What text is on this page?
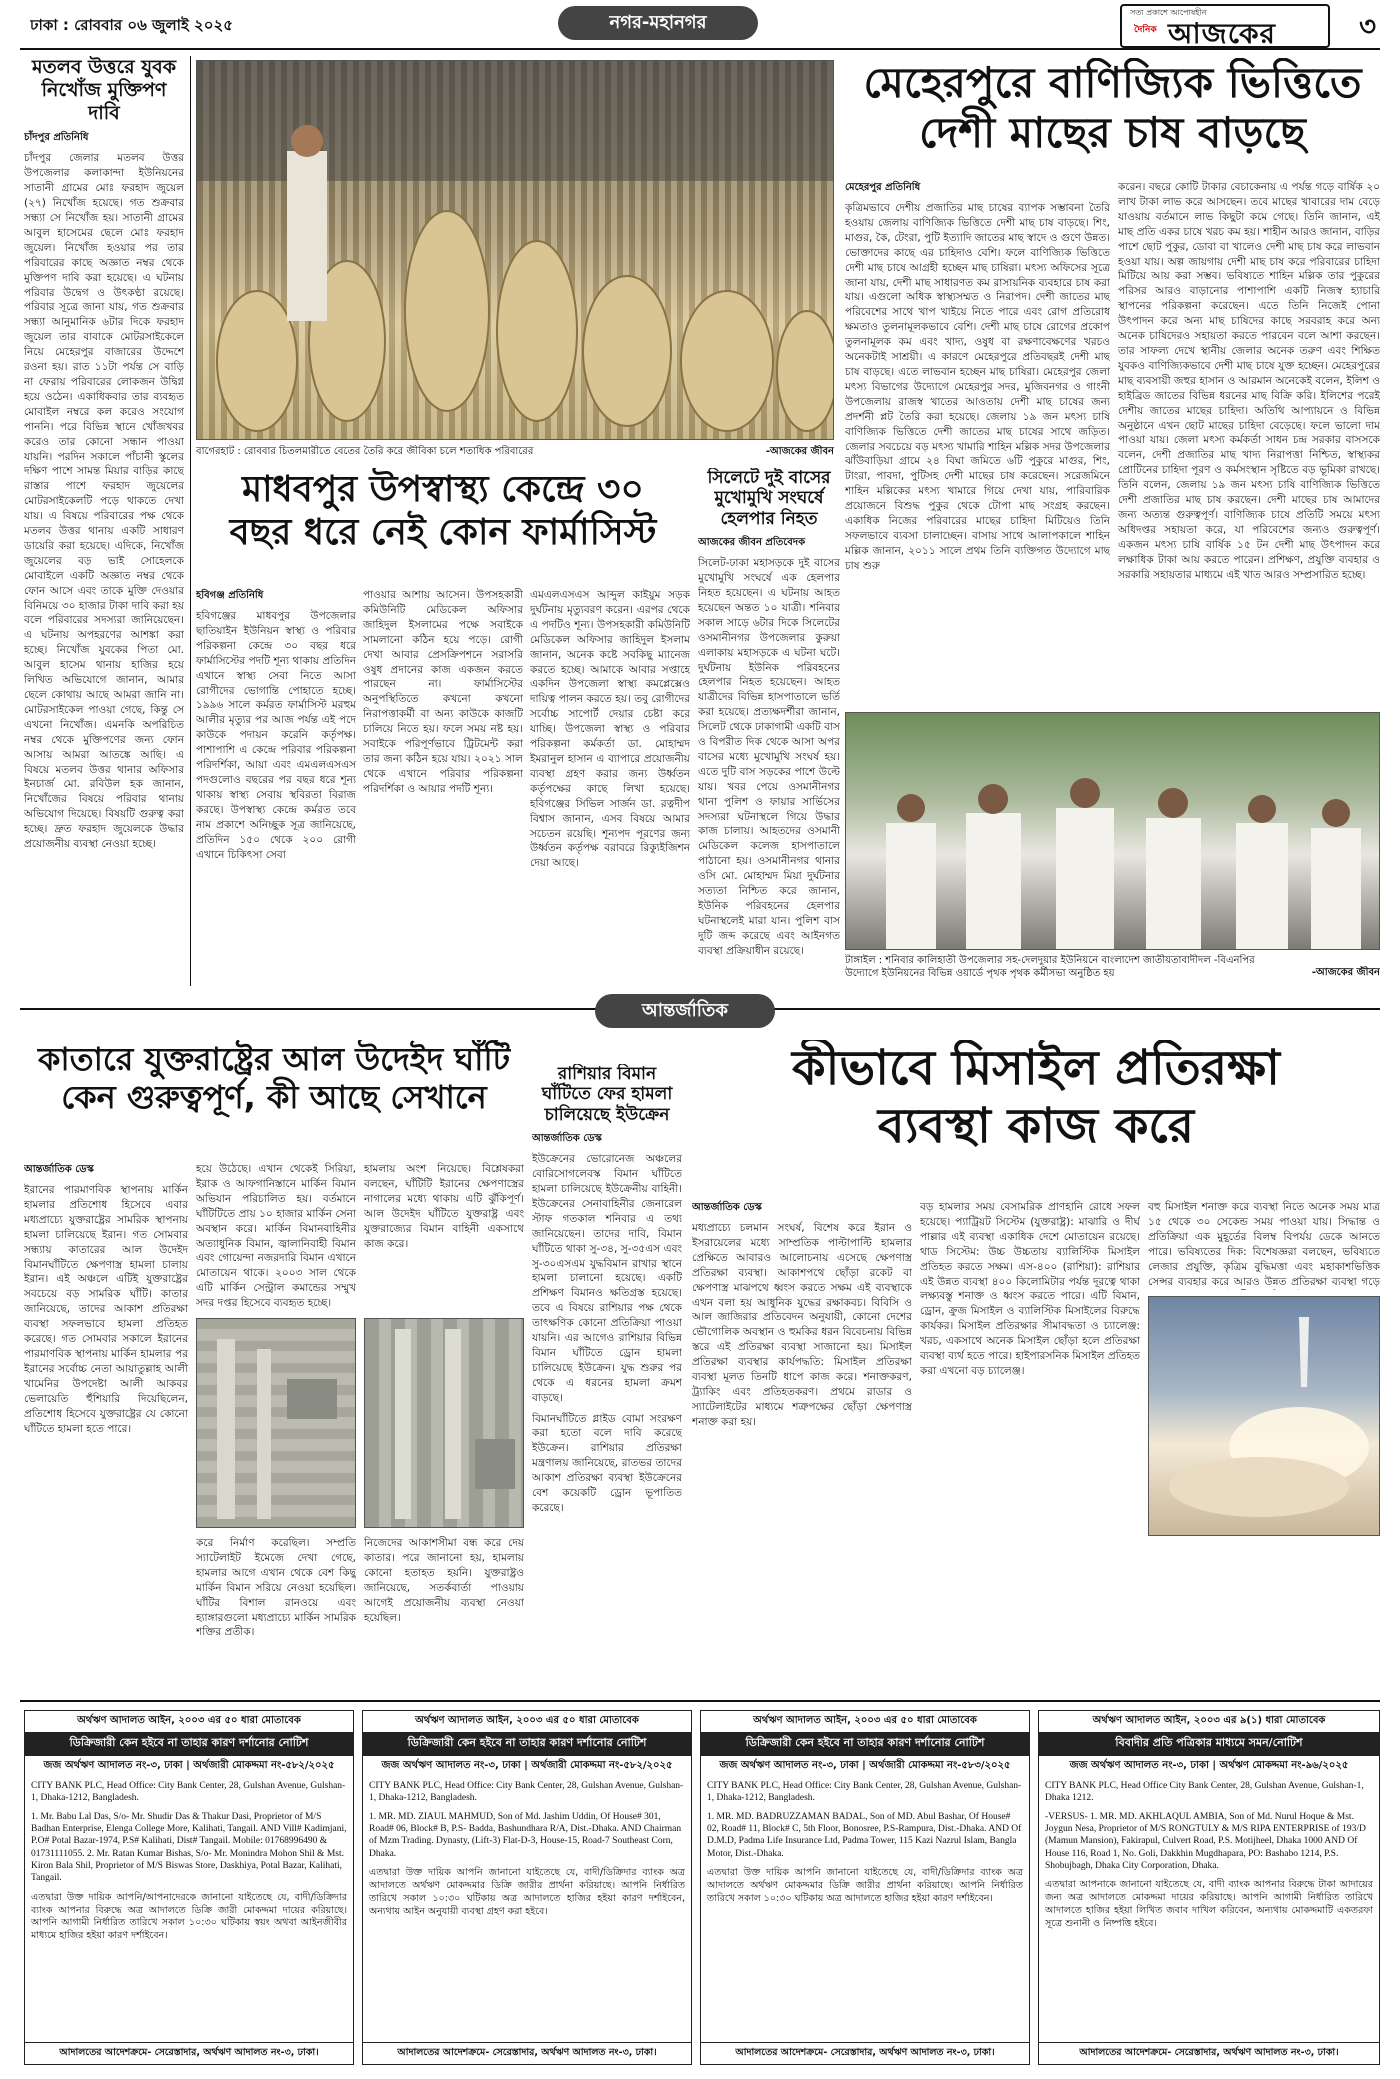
ঢাকা : রোববার ০৬ জুলাই ২০২৫	নগর-মহানগর	সত্য প্রকাশে আপোষহীন
দৈনিক আজকের	৩
মতলব উত্তরে যুবক নিখোঁজ মুক্তিপণ দাবি
চাঁদপুর প্রতিনিধি
চাঁদপুর জেলার মতলব উত্তর উপজেলার কলাকান্দা ইউনিয়নের সাতানী গ্রামের মোঃ ফরহাদ জুয়েল (২৭) নিখোঁজ হয়েছে। গত শুক্রবার সন্ধ্যা সে নিখোঁজ হয়। সাতানী গ্রামের আবুল হাসেমের ছেলে মোঃ ফরহাদ জুয়েল। নিখোঁজ হওয়ার পর তার পরিবারের কাছে অজ্ঞাত নম্বর থেকে মুক্তিপণ দাবি করা হয়েছে। এ ঘটনায় পরিবার উদ্বেগ ও উৎকণ্ঠা রয়েছে। পরিবার সূত্রে জানা যায়, গত শুক্রবার সন্ধ্যা আনুমানিক ৬টার দিকে ফরহাদ জুয়েল তার বাবাকে মোটরসাইকেলে নিয়ে মেহেরপুর বাজারের উদ্দেশে রওনা হয়। রাত ১১টা পর্যন্ত সে বাড়ি না ফেরায় পরিবারের লোকজন উদ্বিগ্ন হয়ে ওঠেন। একাধিকবার তার ব্যবহৃত মোবাইল নম্বরে কল করেও সংযোগ পাননি। পরে বিভিন্ন স্থানে খোঁজখবর করেও তার কোনো সন্ধান পাওয়া যায়নি। পরদিন সকালে পাঁচানী স্কুলের দক্ষিণ পাশে সামন্ত মিয়ার বাড়ির কাছে রাস্তার পাশে ফরহাদ জুয়েলের মোটরসাইকেলটি পড়ে থাকতে দেখা যায়। এ বিষয়ে পরিবারের পক্ষ থেকে মতলব উত্তর থানায় একটি সাধারণ ডায়েরি করা হয়েছে। এদিকে, নিখোঁজ জুয়েলের বড় ভাই সোহেলকে মোবাইলে একটি অজ্ঞাত নম্বর থেকে ফোন আসে এবং তাকে মুক্তি দেওয়ার বিনিময়ে ৩০ হাজার টাকা দাবি করা হয় বলে পরিবারের সদস্যরা জানিয়েছেন। এ ঘটনায় অপহরণের আশঙ্কা করা হচ্ছে। নিখোঁজ যুবকের পিতা মো. আবুল হাসেম থানায় হাজির হয়ে লিখিত অভিযোগে জানান, আমার ছেলে কোথায় আছে আমরা জানি না। মোটরসাইকেল পাওয়া গেছে, কিন্তু সে এখনো নিখোঁজ। এমনকি অপরিচিত নম্বর থেকে মুক্তিপণের জন্য ফোন আসায় আমরা আতঙ্কে আছি। এ বিষয়ে মতলব উত্তর থানার অফিসার ইনচার্জ মো. রবিউল হক জানান, নিখোঁজের বিষয়ে পরিবার থানায় অভিযোগ দিয়েছে। বিষয়টি গুরুত্ব করা হচ্ছে। দ্রুত ফরহাদ জুয়েলকে উদ্ধার প্রয়োজনীয় ব্যবস্থা নেওয়া হচ্ছে।
বাগেরহাট : রোববার চিতলমারীতে বেতের তৈরি করে জীবিকা চলে শতাধিক পরিবারের	-আজকের জীবন
মেহেরপুরে বাণিজ্যিক ভিত্তিতে
দেশী মাছের চাষ বাড়ছে
মেহেরপুর প্রতিনিধি
কৃত্রিমভাবে দেশীয় প্রজাতির মাছ চাষের ব্যাপক সম্ভাবনা তৈরি হওয়ায় জেলায় বাণিজ্যিক ভিত্তিতে দেশী মাছ চাষ বাড়ছে। শিং, মাগুর, কৈ, টেংরা, পুটি ইত্যাদি জাতের মাছ স্বাদে ও গুণে উন্নত। ভোক্তাদের কাছে এর চাহিদাও বেশি। ফলে বাণিজ্যিক ভিত্তিতে দেশী মাছ চাষে আগ্রহী হচ্ছেন মাছ চাষিরা। মৎস্য অফিসের সূত্রে জানা যায়, দেশী মাছ সাধারণত কম রাসায়নিক ব্যবহারে চাষ করা যায়। এগুলো অধিক স্বাস্থ্যসম্মত ও নিরাপদ। দেশী জাতের মাছ পরিবেশের সাথে খাপ খাইয়ে নিতে পারে এবং রোগ প্রতিরোধ ক্ষমতাও তুলনামূলকভাবে বেশি। দেশী মাছ চাষে রোগের প্রকোপ তুলনামূলক কম এবং খাদ্য, ওষুধ বা রক্ষণাবেক্ষণের খরচও অনেকটাই সাশ্রয়ী। এ কারণে মেহেরপুরে প্রতিবছরই দেশী মাছ চাষ বাড়ছে। এতে লাভবান হচ্ছেন মাছ চাষিরা। মেহেরপুর জেলা মৎস্য বিভাগের উদ্যোগে মেহেরপুর সদর, মুজিবনগর ও গাংনী উপজেলায় রাজস্ব খাতের আওতায় দেশী মাছ চাষের জন্য প্রদর্শনী প্লট তৈরি করা হয়েছে। জেলায় ১৯ জন মৎস্য চাষি বাণিজ্যিক ভিত্তিতে দেশী জাতের মাছ চাষের সাথে জড়িত। জেলার সবচেয়ে বড় মৎস্য খামারি শাহিন মল্লিক সদর উপজেলার ঝাঁউবাড়িয়া গ্রামে ২৪ বিঘা জমিতে ৬টি পুকুরে মাগুর, শিং, টাংরা, পাবদা, পুটিসহ দেশী মাছের চাষ করেছেন। সরেজমিনে শাহিন মল্লিকের মৎস্য খামারে গিয়ে দেখা যায়, পারিবারিক প্রয়োজনে বিশুদ্ধ পুকুর থেকে টোপা মাছ সংগ্রহ করছেন। একাধিক নিজের পরিবারের মাছের চাহিদা মিটিয়েও তিনি সফলভাবে ব্যবসা চালাচ্ছেন। বাসায় সাথে আলাপকালে শাহিন মল্লিক জানান, ২০১১ সালে প্রথম তিনি ব্যক্তিগত উদ্যোগে মাছ চাষ শুরু
করেন। বছরে কোটি টাকার বেচাকেনায় এ পর্যন্ত গড়ে বার্ষিক ২০ লাখ টাকা লাভ করে আসছেন। তবে মাছের খাবারের দাম বেড়ে যাওয়ায় বর্তমানে লাভ কিছুটা কমে গেছে। তিনি জানান, এই মাছ প্রতি একর চাষে খরচ কম হয়। শাহীন আরও জানান, বাড়ির পাশে ছোট পুকুর, ডোবা বা খালেও দেশী মাছ চাষ করে লাভবান হওয়া যায়। অল্প জায়গায় দেশী মাছ চাষ করে পরিবারের চাহিদা মিটিয়ে আয় করা সম্ভব। ভবিষ্যতে শাহিন মল্লিক তার পুকুরের পরিসর আরও বাড়ানোর পাশাপাশি একটি নিজস্ব হ্যাচারি স্থাপনের পরিকল্পনা করেছেন। এতে তিনি নিজেই পোনা উৎপাদন করে অন্য মাছ চাষিদের কাছে সরবরাহ করে অন্য অনেক চাষিদেরও সহায়তা করতে পারবেন বলে আশা করছেন। তার সাফল্য দেখে স্থানীয় জেলার অনেক তরুণ এবং শিক্ষিত যুবকও বাণিজ্যিকভাবে দেশী মাছ চাষে যুক্ত হচ্ছেন। মেহেরপুরের মাছ ব্যবসায়ী জহুর হাসান ও আরমান অনেকেই বলেন, ইলিশ ও হাইব্রিড জাতের বিভিন্ন ধরনের মাছ বিক্রি করি। ইলিশের পরেই দেশীয় জাতের মাছের চাহিদা। অতিথি আপ্যায়নে ও বিভিন্ন অনুষ্ঠানে এখন ছোট মাছের চাহিদা বেড়েছে। ফলে ভালো দাম পাওয়া যায়। জেলা মৎস্য কর্মকর্তা সাধন চন্দ্র সরকার বাসসকে বলেন, দেশী প্রজাতির মাছ খাদ্য নিরাপত্তা নিশ্চিত, স্বাস্থ্যকর প্রোটিনের চাহিদা পূরণ ও কর্মসংস্থান সৃষ্টিতে বড় ভূমিকা রাখছে। তিনি বলেন, জেলায় ১৯ জন মৎস্য চাষি বাণিজ্যিক ভিত্তিতে দেশী প্রজাতির মাছ চাষ করছেন। দেশী মাছের চাষ আমাদের জন্য অত্যন্ত গুরুত্বপূর্ণ। বাণিজ্যিক চাষে প্রতিটি সময়ে মৎস্য অধিদপ্তর সহায়তা করে, যা পরিবেশের জন্যও গুরুত্বপূর্ণ। একজন মৎস্য চাষি বার্ষিক ১৫ টন দেশী মাছ উৎপাদন করে লক্ষাধিক টাকা আয় করতে পারেন। প্রশিক্ষণ, প্রযুক্তি ব্যবহার ও সরকারি সহায়তার মাধ্যমে এই খাত আরও সম্প্রসারিত হচ্ছে।
টাঙ্গাইল : শনিবার কালিহাতী উপজেলার সহ-দেলদুয়ার ইউনিয়নে বাংলাদেশ জাতীয়তাবাদীদল -বিএনপির উদ্যোগে ইউনিয়নের বিভিন্ন ওয়ার্ডে পৃথক পৃথক কর্মীসভা অনুষ্ঠিত হয়	-আজকের জীবন
মাধবপুর উপস্বাস্থ্য কেন্দ্রে ৩০
বছর ধরে নেই কোন ফার্মাসিস্ট
হবিগঞ্জ প্রতিনিধি
হবিগঞ্জের মাধবপুর উপজেলার ছাতিয়াইন ইউনিয়ন স্বাস্থ্য ও পরিবার পরিকল্পনা কেন্দ্রে ৩০ বছর ধরে ফার্মাসিস্টের পদটি শূন্য থাকায় প্রতিদিন এখানে স্বাস্থ্য সেবা নিতে আসা রোগীদের ভোগান্তি পোহাতে হচ্ছে। ১৯৯৬ সালে কর্মরত ফার্মাসিস্ট মরহুম আলীর মৃত্যুর পর আজ পর্যন্ত এই পদে কাউকে পদায়ন করেনি কর্তৃপক্ষ। পাশাপাশি এ কেন্দ্রে পরিবার পরিকল্পনা পরিদর্শিকা, আয়া এবং এমএলএসএস পদগুলোও বছরের পর বছর ধরে শূন্য থাকায় স্বাস্থ্য সেবায় স্থবিরতা বিরাজ করছে। উপস্বাস্থ্য কেন্দ্রে কর্মরত তবে নাম প্রকাশে অনিচ্ছুক সূত্র জানিয়েছে, প্রতিদিন ১৫০ থেকে ২০০ রোগী এখানে চিকিৎসা সেবা
পাওয়ার আশায় আসেন। উপসহকারী কমিউনিটি মেডিকেল অফিসার জাহিদুল ইসলামের পক্ষে সবাইকে সামলানো কঠিন হয়ে পড়ে। রোগী দেখা আবার প্রেসক্রিপশনে সরাসরি ওষুধ প্রদানের কাজ একজন করতে পারছেন না। ফার্মাসিস্টের অনুপস্থিতিতে কখনো কখনো নিরাপত্তাকর্মী বা অন্য কাউকে কাজটি চালিয়ে নিতে হয়। ফলে সময় নষ্ট হয়। সবাইকে পরিপূর্ণভাবে ট্রিটমেন্ট করা তার জন্য কঠিন হয়ে যায়। ২০২১ সাল থেকে এখানে পরিবার পরিকল্পনা পরিদর্শিকা ও আয়ার পদটি শূন্য।
এমএলএসএস আব্দুল কাইয়ুম সড়ক দুর্ঘটনায় মৃত্যুবরণ করেন। এরপর থেকে এ পদটিও শূন্য। উপসহকারী কমিউনিটি মেডিকেল অফিসার জাহিদুল ইসলাম জানান, অনেক কষ্টে সবকিছু ম্যানেজ করতে হচ্ছে। আমাকে আবার সপ্তাহে একদিন উপজেলা স্বাস্থ্য কমপ্লেক্সেও দায়িত্ব পালন করতে হয়। তবু রোগীদের সর্বোচ্চ সাপোর্ট দেয়ার চেষ্টা করে যাচ্ছি। উপজেলা স্বাস্থ্য ও পরিবার পরিকল্পনা কর্মকর্তা ডা. মোহাম্মদ ইমরানুল হাসান এ ব্যাপারে প্রয়োজনীয় ব্যবস্থা গ্রহণ করার জন্য উর্ধ্বতন কর্তৃপক্ষের কাছে লিখা হয়েছে। হবিগঞ্জের সিভিল সার্জন ডা. রত্নদীপ বিশ্বাস জানান, এসব বিষয়ে আমার সচেতন রয়েছি। শূন্যপদ পূরণের জন্য উর্ধ্বতন কর্তৃপক্ষ বরাবরে রিক্যুইজিশন দেয়া আছে।
সিলেটে দুই বাসের মুখোমুখি সংঘর্ষে হেলপার নিহত
আজকের জীবন প্রতিবেদক
সিলেট-ঢাকা মহাসড়কে দুই বাসের মুখোমুখি সংঘর্ষে এক হেলপার নিহত হয়েছেন। এ ঘটনায় আহত হয়েছেন অন্তত ১০ যাত্রী। শনিবার সকাল সাড়ে ৬টার দিকে সিলেটের ওসমানীনগর উপজেলার কুরুয়া এলাকায় মহাসড়কে এ ঘটনা ঘটে। দুর্ঘটনায় ইউনিক পরিবহনের হেলপার নিহত হয়েছেন। আহত যাত্রীদের বিভিন্ন হাসপাতালে ভর্তি করা হয়েছে। প্রত্যক্ষদর্শীরা জানান, সিলেট থেকে ঢাকাগামী একটি বাস ও বিপরীত দিক থেকে আসা অপর বাসের মধ্যে মুখোমুখি সংঘর্ষ হয়। এতে দুটি বাস সড়কের পাশে উল্টে যায়। খবর পেয়ে ওসমানীনগর থানা পুলিশ ও ফায়ার সার্ভিসের সদস্যরা ঘটনাস্থলে গিয়ে উদ্ধার কাজ চালায়। আহতদের ওসমানী মেডিকেল কলেজ হাসপাতালে পাঠানো হয়। ওসমানীনগর থানার ওসি মো. মোহাম্মদ মিয়া দুর্ঘটনার সত্যতা নিশ্চিত করে জানান, ইউনিক পরিবহনের হেলপার ঘটনাস্থলেই মারা যান। পুলিশ বাস দুটি জব্দ করেছে এবং আইনগত ব্যবস্থা প্রক্রিয়াধীন রয়েছে।
আন্তর্জাতিক
কাতারে যুক্তরাষ্ট্রের আল উদেইদ ঘাঁটি
কেন গুরুত্বপূর্ণ, কী আছে সেখানে
আন্তর্জাতিক ডেস্ক
ইরানের পারমাণবিক স্থাপনায় মার্কিন হামলার প্রতিশোধ হিসেবে এবার মধ্যপ্রাচ্যে যুক্তরাষ্ট্রের সামরিক স্থাপনায় হামলা চালিয়েছে ইরান। গত সোমবার সন্ধ্যায় কাতারের আল উদেইদ বিমানঘাঁটিতে ক্ষেপণাস্ত্র হামলা চালায় ইরান। এই অঞ্চলে এটিই যুক্তরাষ্ট্রের সবচেয়ে বড় সামরিক ঘাঁটি। কাতার জানিয়েছে, তাদের আকাশ প্রতিরক্ষা ব্যবস্থা সফলভাবে হামলা প্রতিহত করেছে। গত সোমবার সকালে ইরানের পারমাণবিক স্থাপনায় মার্কিন হামলার পর ইরানের সর্বোচ্চ নেতা আয়াতুল্লাহ আলী খামেনির উপদেষ্টা আলী আকবর ভেলায়েতি হুঁশিয়ারি দিয়েছিলেন, প্রতিশোধ হিসেবে যুক্তরাষ্ট্রের যে কোনো ঘাঁটিতে হামলা হতে পারে।
হয়ে উঠেছে। এখান থেকেই সিরিয়া, ইরাক ও আফগানিস্তানে মার্কিন বিমান অভিযান পরিচালিত হয়। বর্তমানে ঘাঁটিটিতে প্রায় ১০ হাজার মার্কিন সেনা অবস্থান করে। মার্কিন বিমানবাহিনীর অত্যাধুনিক বিমান, জ্বালানিবাহী বিমান এবং গোয়েন্দা নজরদারি বিমান এখানে মোতায়েন থাকে। ২০০৩ সাল থেকে এটি মার্কিন সেন্ট্রাল কমান্ডের সম্মুখ সদর দপ্তর হিসেবে ব্যবহৃত হচ্ছে।
হামলায় অংশ নিয়েছে। বিশ্লেষকরা বলছেন, ঘাঁটিটি ইরানের ক্ষেপণাস্ত্রের নাগালের মধ্যে থাকায় এটি ঝুঁকিপূর্ণ। আল উদেইদ ঘাঁটিতে যুক্তরাষ্ট্র এবং যুক্তরাজ্যের বিমান বাহিনী একসাথে কাজ করে।
করে নির্মাণ করেছিল। সম্প্রতি স্যাটেলাইট ইমেজে দেখা গেছে, হামলার আগে এখান থেকে বেশ কিছু মার্কিন বিমান সরিয়ে নেওয়া হয়েছিল। ঘাঁটির বিশাল রানওয়ে এবং হ্যাঙ্গারগুলো মধ্যপ্রাচ্যে মার্কিন সামরিক শক্তির প্রতীক।
নিজেদের আকাশসীমা বন্ধ করে দেয় কাতার। পরে জানানো হয়, হামলায় কোনো হতাহত হয়নি। যুক্তরাষ্ট্রও জানিয়েছে, সতর্কবার্তা পাওয়ায় আগেই প্রয়োজনীয় ব্যবস্থা নেওয়া হয়েছিল।
রাশিয়ার বিমান ঘাঁটিতে ফের হামলা চালিয়েছে ইউক্রেন
আন্তর্জাতিক ডেস্ক
ইউক্রেনের ভোরোনেজ অঞ্চলের বোরিসোগলেবস্ক বিমান ঘাঁটিতে হামলা চালিয়েছে ইউক্রেনীয় বাহিনী। ইউক্রেনের সেনাবাহিনীর জেনারেল স্টাফ গতকাল শনিবার এ তথ্য জানিয়েছেন। তাদের দাবি, বিমান ঘাঁটিতে থাকা সু-৩৪, সু-৩৫এস এবং সু-৩০এসএম যুদ্ধবিমান রাখার স্থানে হামলা চালানো হয়েছে। একটি প্রশিক্ষণ বিমানও ক্ষতিগ্রস্ত হয়েছে। তবে এ বিষয়ে রাশিয়ার পক্ষ থেকে তাৎক্ষণিক কোনো প্রতিক্রিয়া পাওয়া যায়নি। এর আগেও রাশিয়ার বিভিন্ন বিমান ঘাঁটিতে ড্রোন হামলা চালিয়েছে ইউক্রেন। যুদ্ধ শুরুর পর থেকে এ ধরনের হামলা ক্রমশ বাড়ছে।
বিমানঘাঁটিতে গ্লাইড বোমা সংরক্ষণ করা হতো বলে দাবি করেছে ইউক্রেন। রাশিয়ার প্রতিরক্ষা মন্ত্রণালয় জানিয়েছে, রাতভর তাদের আকাশ প্রতিরক্ষা ব্যবস্থা ইউক্রেনের বেশ কয়েকটি ড্রোন ভূপাতিত করেছে।
কীভাবে মিসাইল প্রতিরক্ষা
ব্যবস্থা কাজ করে
আন্তর্জাতিক ডেস্ক
মধ্যপ্রাচ্যে চলমান সংঘর্ষ, বিশেষ করে ইরান ও ইসরায়েলের মধ্যে সাম্প্রতিক পাল্টাপাল্টি হামলার প্রেক্ষিতে আবারও আলোচনায় এসেছে ক্ষেপণাস্ত্র প্রতিরক্ষা ব্যবস্থা। আকাশপথে ছোঁড়া রকেট বা ক্ষেপণাস্ত্র মাঝপথে ধ্বংস করতে সক্ষম এই ব্যবস্থাকে এখন বলা হয় আধুনিক যুদ্ধের রক্ষাকবচ। বিবিসি ও আল জাজিরার প্রতিবেদন অনুযায়ী, কোনো দেশের ভৌগোলিক অবস্থান ও হুমকির ধরন বিবেচনায় বিভিন্ন স্তরে এই প্রতিরক্ষা ব্যবস্থা সাজানো হয়। মিসাইল প্রতিরক্ষা ব্যবস্থার কার্যপদ্ধতি: মিসাইল প্রতিরক্ষা ব্যবস্থা মূলত তিনটি ধাপে কাজ করে। শনাক্তকরণ, ট্র্যাকিং এবং প্রতিহতকরণ। প্রথমে রাডার ও স্যাটেলাইটের মাধ্যমে শত্রুপক্ষের ছোঁড়া ক্ষেপণাস্ত্র শনাক্ত করা হয়।
বড় হামলার সময় বেসামরিক প্রাণহানি রোধে সফল হয়েছে। প্যাট্রিয়ট সিস্টেম (যুক্তরাষ্ট্র): মাঝারি ও দীর্ঘ পাল্লার এই ব্যবস্থা একাধিক দেশে মোতায়েন রয়েছে। থাড সিস্টেম: উচ্চ উচ্চতায় ব্যালিস্টিক মিসাইল প্রতিহত করতে সক্ষম। এস-৪০০ (রাশিয়া): রাশিয়ার এই উন্নত ব্যবস্থা ৪০০ কিলোমিটার পর্যন্ত দূরত্বে থাকা লক্ষ্যবস্তু শনাক্ত ও ধ্বংস করতে পারে। এটি বিমান, ড্রোন, ক্রুজ মিসাইল ও ব্যালিস্টিক মিসাইলের বিরুদ্ধে কার্যকর। মিসাইল প্রতিরক্ষার সীমাবদ্ধতা ও চ্যালেঞ্জ: খরচ, একসাথে অনেক মিসাইল ছোঁড়া হলে প্রতিরক্ষা ব্যবস্থা ব্যর্থ হতে পারে। হাইপারসনিক মিসাইল প্রতিহত করা এখনো বড় চ্যালেঞ্জ।
বহু মিসাইল শনাক্ত করে ব্যবস্থা নিতে অনেক সময় মাত্র ১৫ থেকে ৩০ সেকেন্ড সময় পাওয়া যায়। সিদ্ধান্ত ও প্রতিক্রিয়া এক মুহূর্তের বিলম্ব বিপর্যয় ডেকে আনতে পারে। ভবিষ্যতের দিক: বিশেষজ্ঞরা বলছেন, ভবিষ্যতে লেজার প্রযুক্তি, কৃত্রিম বুদ্ধিমত্তা এবং মহাকাশভিত্তিক সেন্সর ব্যবহার করে আরও উন্নত প্রতিরক্ষা ব্যবস্থা গড়ে
অর্থঋণ আদালত আইন, ২০০৩ এর ৫০ ধারা মোতাবেক
ডিক্রিজারী কেন হইবে না তাহার কারণ দর্শানোর নোটিশ
জজ অর্থঋণ আদালত নং-৩, ঢাকা | অর্থজারী মোকদ্দমা নং-৫৮২/২০২৫
CITY BANK PLC, Head Office: City Bank Center, 28, Gulshan Avenue, Gulshan-1, Dhaka-1212, Bangladesh.
1. Mr. Babu Lal Das, S/o- Mr. Shudir Das & Thakur Dasi, Proprietor of M/S Badhan Enterprise, Elenga College More, Kalihati, Tangail. AND Vill# Kadimjani, P.O# Potal Bazar-1974, P.S# Kalihati, Dist# Tangail. Mobile: 01768996490 & 01731111055. 2. Mr. Ratan Kumar Bishas, S/o- Mr. Monindra Mohon Shil & Mst. Kiron Bala Shil, Proprietor of M/S Biswas Store, Daskhiya, Potal Bazar, Kalihati, Tangail.
এতদ্বারা উক্ত দায়িক আপনি/আপনাদেরকে জানানো যাইতেছে যে, বাদী/ডিক্রিদার ব্যাংক আপনার বিরুদ্ধে অত্র আদালতে ডিক্রি জারী মোকদ্দমা দায়ের করিয়াছে। আপনি আগামী নির্ধারিত তারিখে সকাল ১০:৩০ ঘটিকায় স্বয়ং অথবা আইনজীবীর মাধ্যমে হাজির হইয়া কারণ দর্শাইবেন।
আদালতের আদেশক্রমে- সেরেস্তাদার, অর্থঋণ আদালত নং-৩, ঢাকা।
অর্থঋণ আদালত আইন, ২০০৩ এর ৫০ ধারা মোতাবেক
ডিক্রিজারী কেন হইবে না তাহার কারণ দর্শানোর নোটিশ
জজ অর্থঋণ আদালত নং-৩, ঢাকা | অর্থজারী মোকদ্দমা নং-৫৮২/২০২৫
CITY BANK PLC, Head Office: City Bank Center, 28, Gulshan Avenue, Gulshan-1, Dhaka-1212, Bangladesh.
1. MR. MD. ZIAUL MAHMUD, Son of Md. Jashim Uddin, Of House# 301, Road# 06, Block# B, P.S- Badda, Bashundhara R/A, Dist.-Dhaka. AND Chairman of Mzm Trading. Dynasty, (Lift-3) Flat-D-3, House-15, Road-7 Southeast Corn, Dhaka.
এতদ্বারা উক্ত দায়িক আপনি জানানো যাইতেছে যে, বাদী/ডিক্রিদার ব্যাংক অত্র আদালতে অর্থঋণ মোকদ্দমার ডিক্রি জারীর প্রার্থনা করিয়াছে। আপনি নির্ধারিত তারিখে সকাল ১০:৩০ ঘটিকায় অত্র আদালতে হাজির হইয়া কারণ দর্শাইবেন, অন্যথায় আইন অনুযায়ী ব্যবস্থা গ্রহণ করা হইবে।
আদালতের আদেশক্রমে- সেরেস্তাদার, অর্থঋণ আদালত নং-৩, ঢাকা।
অর্থঋণ আদালত আইন, ২০০৩ এর ৫০ ধারা মোতাবেক
ডিক্রিজারী কেন হইবে না তাহার কারণ দর্শানোর নোটিশ
জজ অর্থঋণ আদালত নং-৩, ঢাকা | অর্থজারী মোকদ্দমা নং-৫৮৩/২০২৫
CITY BANK PLC, Head Office: City Bank Center, 28, Gulshan Avenue, Gulshan-1, Dhaka-1212, Bangladesh.
1. MR. MD. BADRUZZAMAN BADAL, Son of MD. Abul Bashar, Of House# 02, Road# 11, Block# C, 5th Floor, Bonosree, P.S-Rampura, Dist.-Dhaka. AND Of D.M.D, Padma Life Insurance Ltd, Padma Tower, 115 Kazi Nazrul Islam, Bangla Motor, Dist.-Dhaka.
এতদ্বারা উক্ত দায়িক আপনি জানানো যাইতেছে যে, বাদী/ডিক্রিদার ব্যাংক অত্র আদালতে অর্থঋণ মোকদ্দমার ডিক্রি জারীর প্রার্থনা করিয়াছে। আপনি নির্ধারিত তারিখে সকাল ১০:৩০ ঘটিকায় অত্র আদালতে হাজির হইয়া কারণ দর্শাইবেন।
আদালতের আদেশক্রমে- সেরেস্তাদার, অর্থঋণ আদালত নং-৩, ঢাকা।
অর্থঋণ আদালত আইন, ২০০৩ এর ৯(১) ধারা মোতাবেক
বিবাদীর প্রতি পত্রিকার মাধ্যমে সমন/নোটিশ
জজ অর্থঋণ আদালত নং-৩, ঢাকা | অর্থঋণ মোকদ্দমা নং-৯৬/২০২৫
CITY BANK PLC, Head Office City Bank Center, 28, Gulshan Avenue, Gulshan-1, Dhaka 1212.
-VERSUS- 1. MR. MD. AKHLAQUL AMBIA, Son of Md. Nurul Hoque & Mst. Joygun Nesa, Proprietor of M/S RONGTULY & M/S RIPA ENTERPRISE of 193/D (Mamun Mansion), Fakirapul, Culvert Road, P.S. Motijheel, Dhaka 1000 AND Of House 116, Road 1, No. Goli, Dakkhin Mugdhapara, PO: Bashabo 1214, P.S. Shobujbagh, Dhaka City Corporation, Dhaka.
এতদ্বারা আপনাকে জানানো যাইতেছে যে, বাদী ব্যাংক আপনার বিরুদ্ধে টাকা আদায়ের জন্য অত্র আদালতে মোকদ্দমা দায়ের করিয়াছে। আপনি আগামী নির্ধারিত তারিখে আদালতে হাজির হইয়া লিখিত জবাব দাখিল করিবেন, অন্যথায় মোকদ্দমাটি একতরফা সূত্রে শুনানী ও নিষ্পত্তি হইবে।
আদালতের আদেশক্রমে- সেরেস্তাদার, অর্থঋণ আদালত নং-৩, ঢাকা।
